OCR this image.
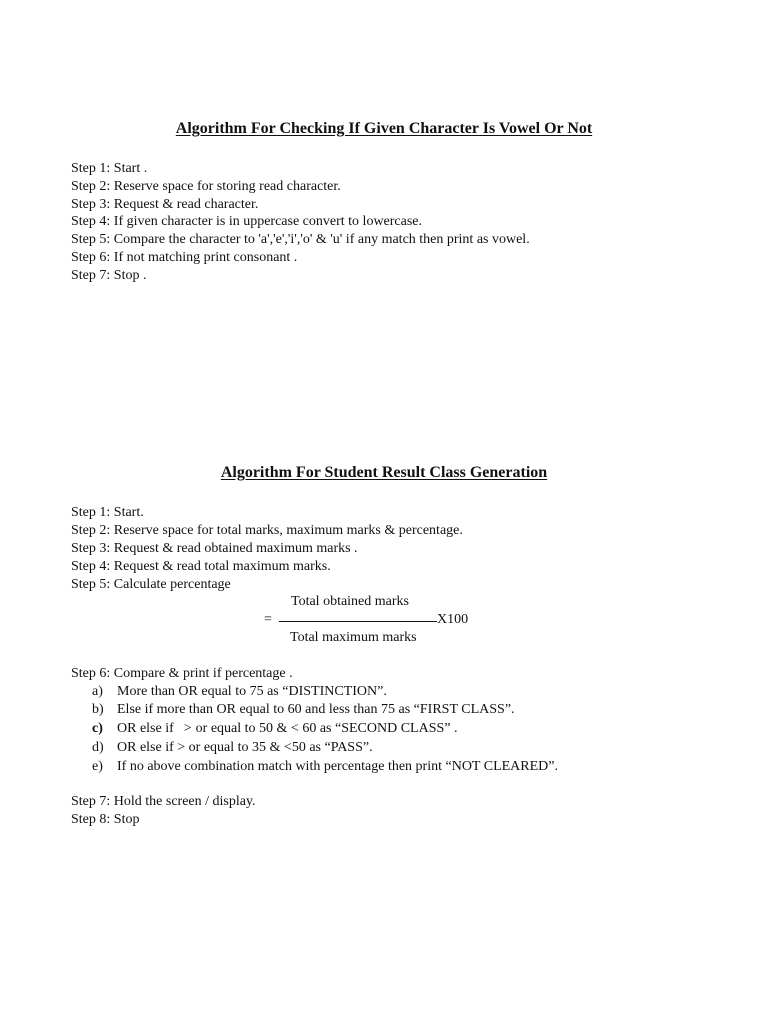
Algorithm For Checking If Given Character Is Vowel Or Not
Step 1: Start .
Step 2: Reserve space for storing read character.
Step 3: Request & read character.
Step 4: If given character is in uppercase convert to lowercase.
Step 5: Compare the character to 'a','e','i','o' & 'u' if any match then print as vowel.
Step 6: If not matching print consonant .
Step 7: Stop .
Algorithm For Student Result Class Generation
Step 1: Start.
Step 2: Reserve space for total marks, maximum marks & percentage.
Step 3: Request & read obtained maximum marks .
Step 4: Request & read total maximum marks.
Step 5: Calculate percentage
Total obtained marks
=	X100
Total maximum marks
Step 6: Compare & print if percentage .
a) More than OR equal to 75 as “DISTINCTION”.
b) Else if more than OR equal to 60 and less than 75 as “FIRST CLASS”.
c) OR else if > or equal to 50 & < 60 as “SECOND CLASS” .
d) OR else if > or equal to 35 & <50 as “PASS”.
e) If no above combination match with percentage then print “NOT CLEARED”.
Step 7: Hold the screen / display.
Step 8: Stop
